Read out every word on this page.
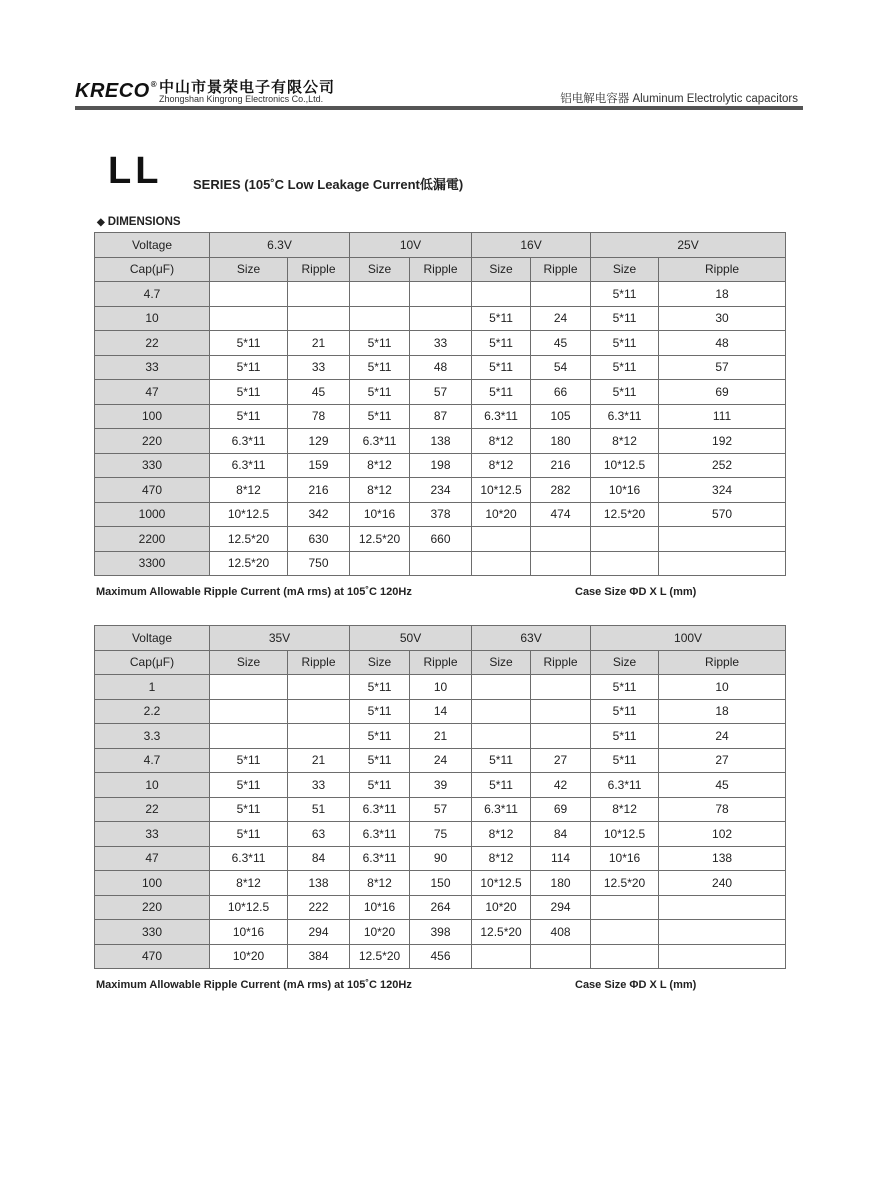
KRECO® 中山市景荣电子有限公司
Zhongshan Kingrong Electronics Co.,Ltd.	铝电解电容器 Aluminum Electrolytic capacitors
LL SERIES (105˚C Low Leakage Current低漏電)
◆ DIMENSIONS
Voltage	6.3V		10V		16V		25V	
Cap(μF)	Size	Ripple	Size	Ripple	Size	Ripple	Size	Ripple
4.7							5*11	18
10					5*11	24	5*11	30
22	5*11	21	5*11	33	5*11	45	5*11	48
33	5*11	33	5*11	48	5*11	54	5*11	57
47	5*11	45	5*11	57	5*11	66	5*11	69
100	5*11	78	5*11	87	6.3*11	105	6.3*11	111
220	6.3*11	129	6.3*11	138	8*12	180	8*12	192
330	6.3*11	159	8*12	198	8*12	216	10*12.5	252
470	8*12	216	8*12	234	10*12.5	282	10*16	324
1000	10*12.5	342	10*16	378	10*20	474	12.5*20	570
2200	12.5*20	630	12.5*20	660				
3300	12.5*20	750						
Maximum Allowable Ripple Current (mA rms) at 105˚C 120Hz	Case Size ΦD X L (mm)
Voltage	35V		50V		63V		100V	
Cap(μF)	Size	Ripple	Size	Ripple	Size	Ripple	Size	Ripple
1			5*11	10			5*11	10
2.2			5*11	14			5*11	18
3.3			5*11	21			5*11	24
4.7	5*11	21	5*11	24	5*11	27	5*11	27
10	5*11	33	5*11	39	5*11	42	6.3*11	45
22	5*11	51	6.3*11	57	6.3*11	69	8*12	78
33	5*11	63	6.3*11	75	8*12	84	10*12.5	102
47	6.3*11	84	6.3*11	90	8*12	114	10*16	138
100	8*12	138	8*12	150	10*12.5	180	12.5*20	240
220	10*12.5	222	10*16	264	10*20	294		
330	10*16	294	10*20	398	12.5*20	408		
470	10*20	384	12.5*20	456				
Maximum Allowable Ripple Current (mA rms) at 105˚C 120Hz	Case Size ΦD X L (mm)
